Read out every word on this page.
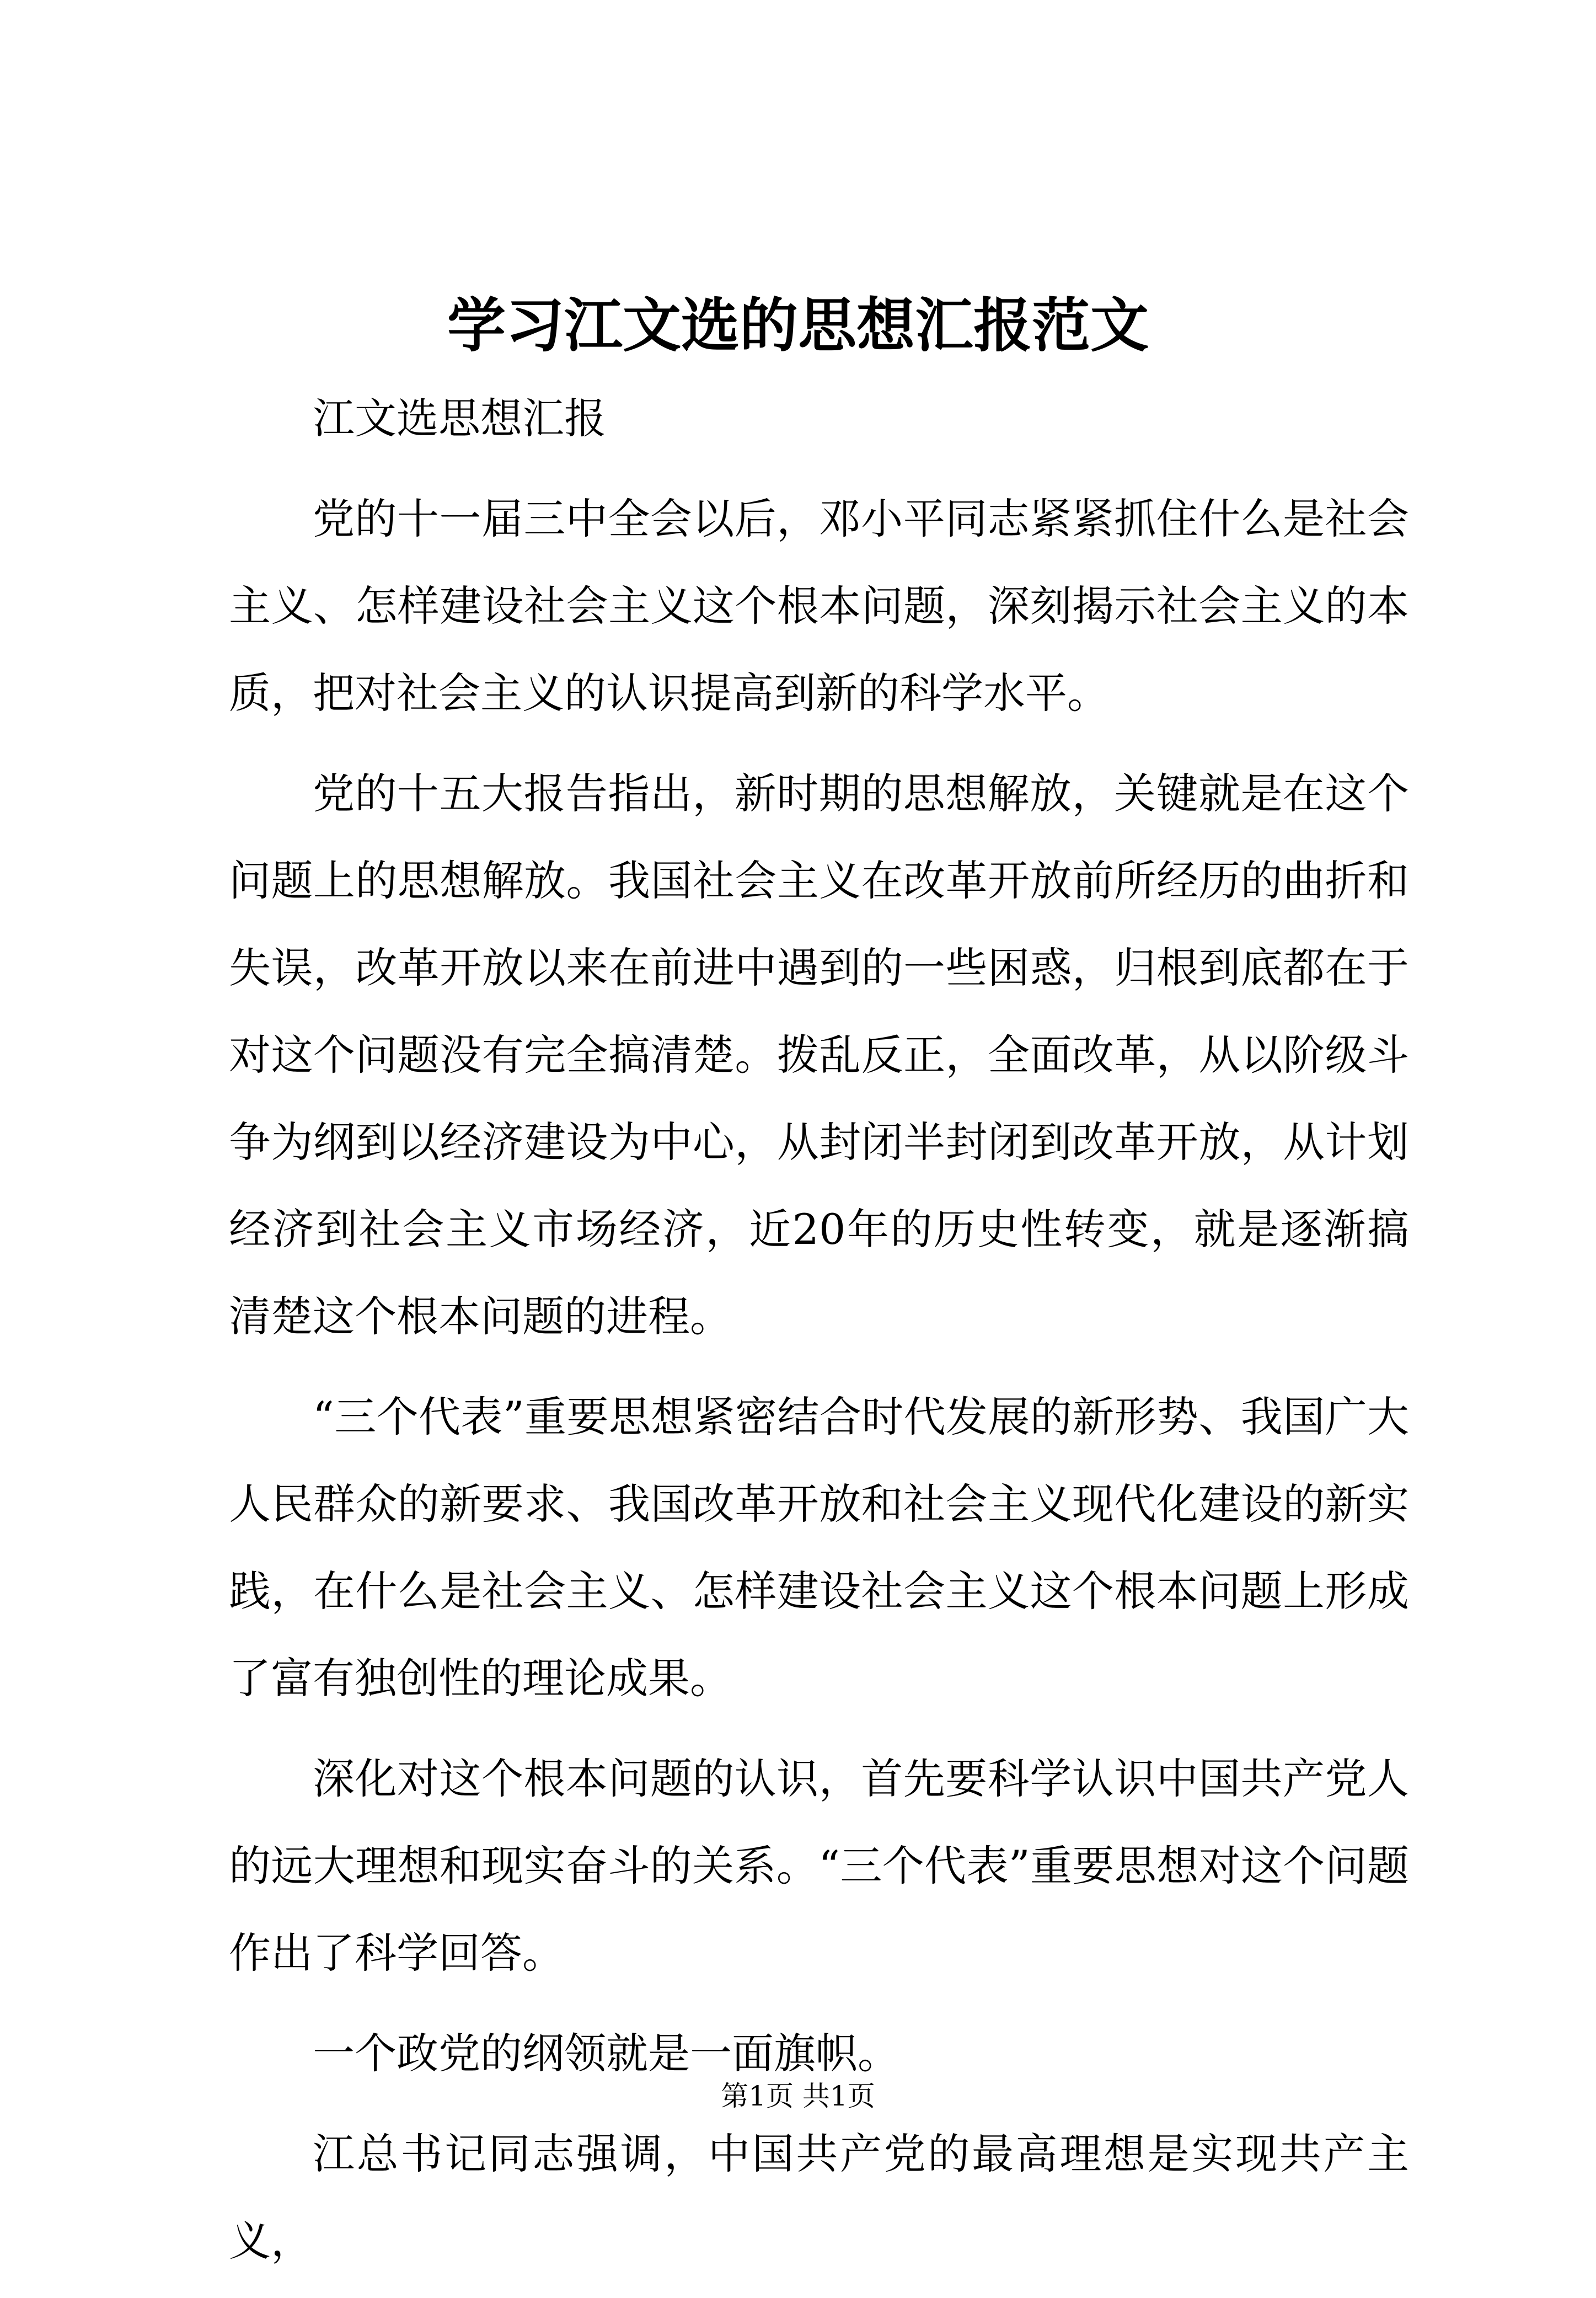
学习江文选的思想汇报范文

江文选思想汇报

党的十一届三中全会以后，邓小平同志紧紧抓住什么是社会主义、怎样建设社会主义这个根本问题，深刻揭示社会主义的本质，把对社会主义的认识提高到新的科学水平。

党的十五大报告指出，新时期的思想解放，关键就是在这个问题上的思想解放。我国社会主义在改革开放前所经历的曲折和失误，改革开放以来在前进中遇到的一些困惑，归根到底都在于对这个问题没有完全搞清楚。拨乱反正，全面改革，从以阶级斗争为纲到以经济建设为中心，从封闭半封闭到改革开放，从计划经济到社会主义市场经济，近20年的历史性转变，就是逐渐搞清楚这个根本问题的进程。

“三个代表”重要思想紧密结合时代发展的新形势、我国广大人民群众的新要求、我国改革开放和社会主义现代化建设的新实践，在什么是社会主义、怎样建设社会主义这个根本问题上形成了富有独创性的理论成果。

深化对这个根本问题的认识，首先要科学认识中国共产党人的远大理想和现实奋斗的关系。“三个代表”重要思想对这个问题作出了科学回答。

一个政党的纲领就是一面旗帜。

江总书记同志强调，中国共产党的最高理想是实现共产主义，

第1页 共1页
